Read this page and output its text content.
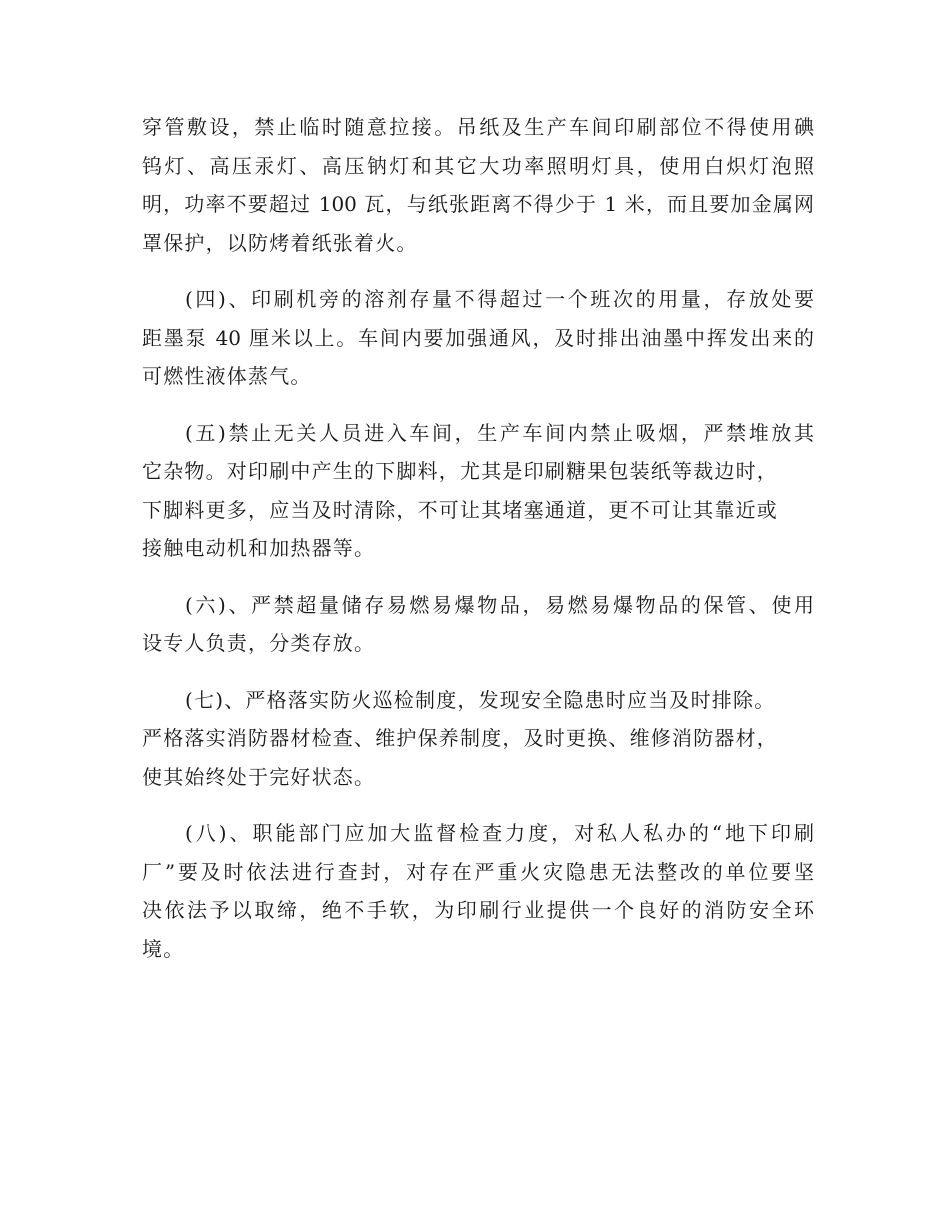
穿管敷设，禁止临时随意拉接。吊纸及生产车间印刷部位不得使用碘
钨灯、高压汞灯、高压钠灯和其它大功率照明灯具，使用白炽灯泡照
明，功率不要超过 100 瓦，与纸张距离不得少于 1 米，而且要加金属网
罩保护，以防烤着纸张着火。
(四)、印刷机旁的溶剂存量不得超过一个班次的用量，存放处要
距墨泵 40 厘米以上。车间内要加强通风，及时排出油墨中挥发出来的
可燃性液体蒸气。
(五)禁止无关人员进入车间，生产车间内禁止吸烟，严禁堆放其
它杂物。对印刷中产生的下脚料，尤其是印刷糖果包装纸等裁边时，
下脚料更多，应当及时清除，不可让其堵塞通道，更不可让其靠近或
接触电动机和加热器等。
(六)、严禁超量储存易燃易爆物品，易燃易爆物品的保管、使用
设专人负责，分类存放。
(七)、严格落实防火巡检制度，发现安全隐患时应当及时排除。
严格落实消防器材检查、维护保养制度，及时更换、维修消防器材，
使其始终处于完好状态。
(八)、职能部门应加大监督检查力度，对私人私办的“地下印刷
厂”要及时依法进行查封，对存在严重火灾隐患无法整改的单位要坚
决依法予以取缔，绝不手软，为印刷行业提供一个良好的消防安全环
境。
